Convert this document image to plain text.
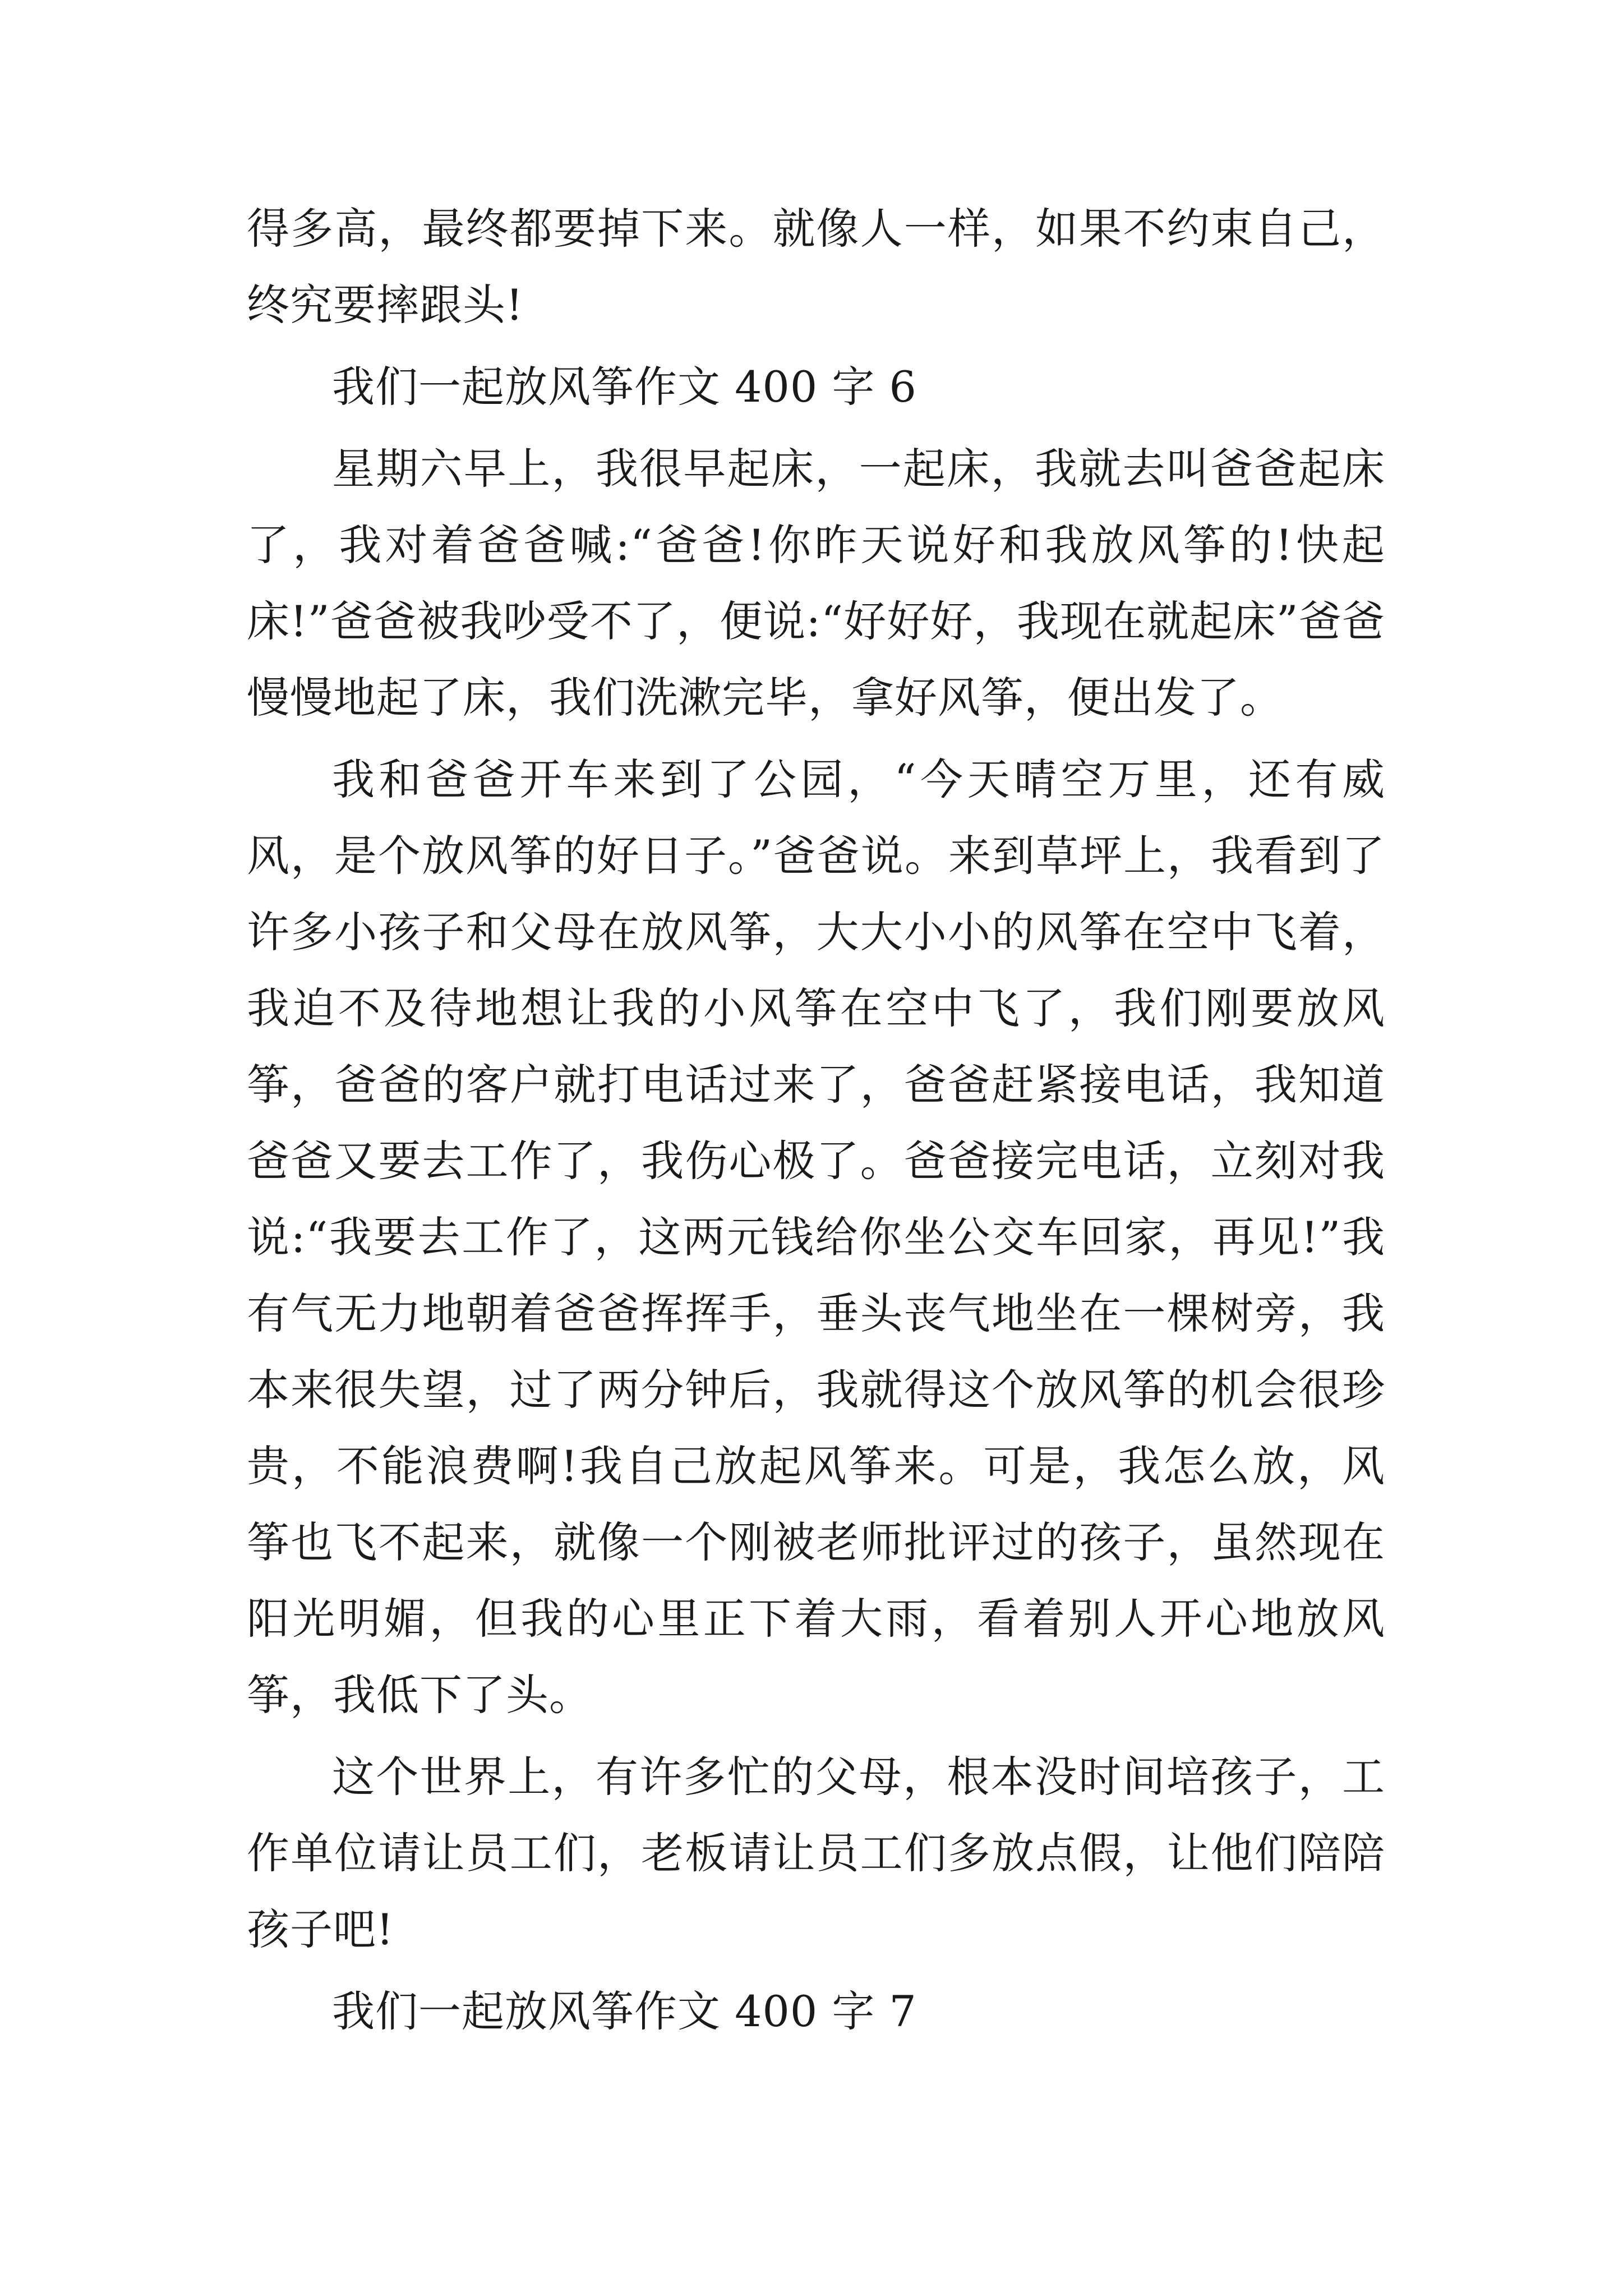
得多高，最终都要掉下来。就像人一样，如果不约束自己，终究要摔跟头!

我们一起放风筝作文 400 字 6

星期六早上，我很早起床，一起床，我就去叫爸爸起床了，我对着爸爸喊:“爸爸!你昨天说好和我放风筝的!快起床!”爸爸被我吵受不了，便说:“好好好，我现在就起床”爸爸慢慢地起了床，我们洗漱完毕，拿好风筝，便出发了。

我和爸爸开车来到了公园，“今天晴空万里，还有威风，是个放风筝的好日子。”爸爸说。来到草坪上，我看到了许多小孩子和父母在放风筝，大大小小的风筝在空中飞着，我迫不及待地想让我的小风筝在空中飞了，我们刚要放风筝，爸爸的客户就打电话过来了，爸爸赶紧接电话，我知道爸爸又要去工作了，我伤心极了。爸爸接完电话，立刻对我说:“我要去工作了，这两元钱给你坐公交车回家，再见!”我有气无力地朝着爸爸挥挥手，垂头丧气地坐在一棵树旁，我本来很失望，过了两分钟后，我就得这个放风筝的机会很珍贵，不能浪费啊!我自己放起风筝来。可是，我怎么放，风筝也飞不起来，就像一个刚被老师批评过的孩子，虽然现在阳光明媚，但我的心里正下着大雨，看着别人开心地放风筝，我低下了头。

这个世界上，有许多忙的父母，根本没时间培孩子，工作单位请让员工们，老板请让员工们多放点假，让他们陪陪孩子吧!

我们一起放风筝作文 400 字 7
